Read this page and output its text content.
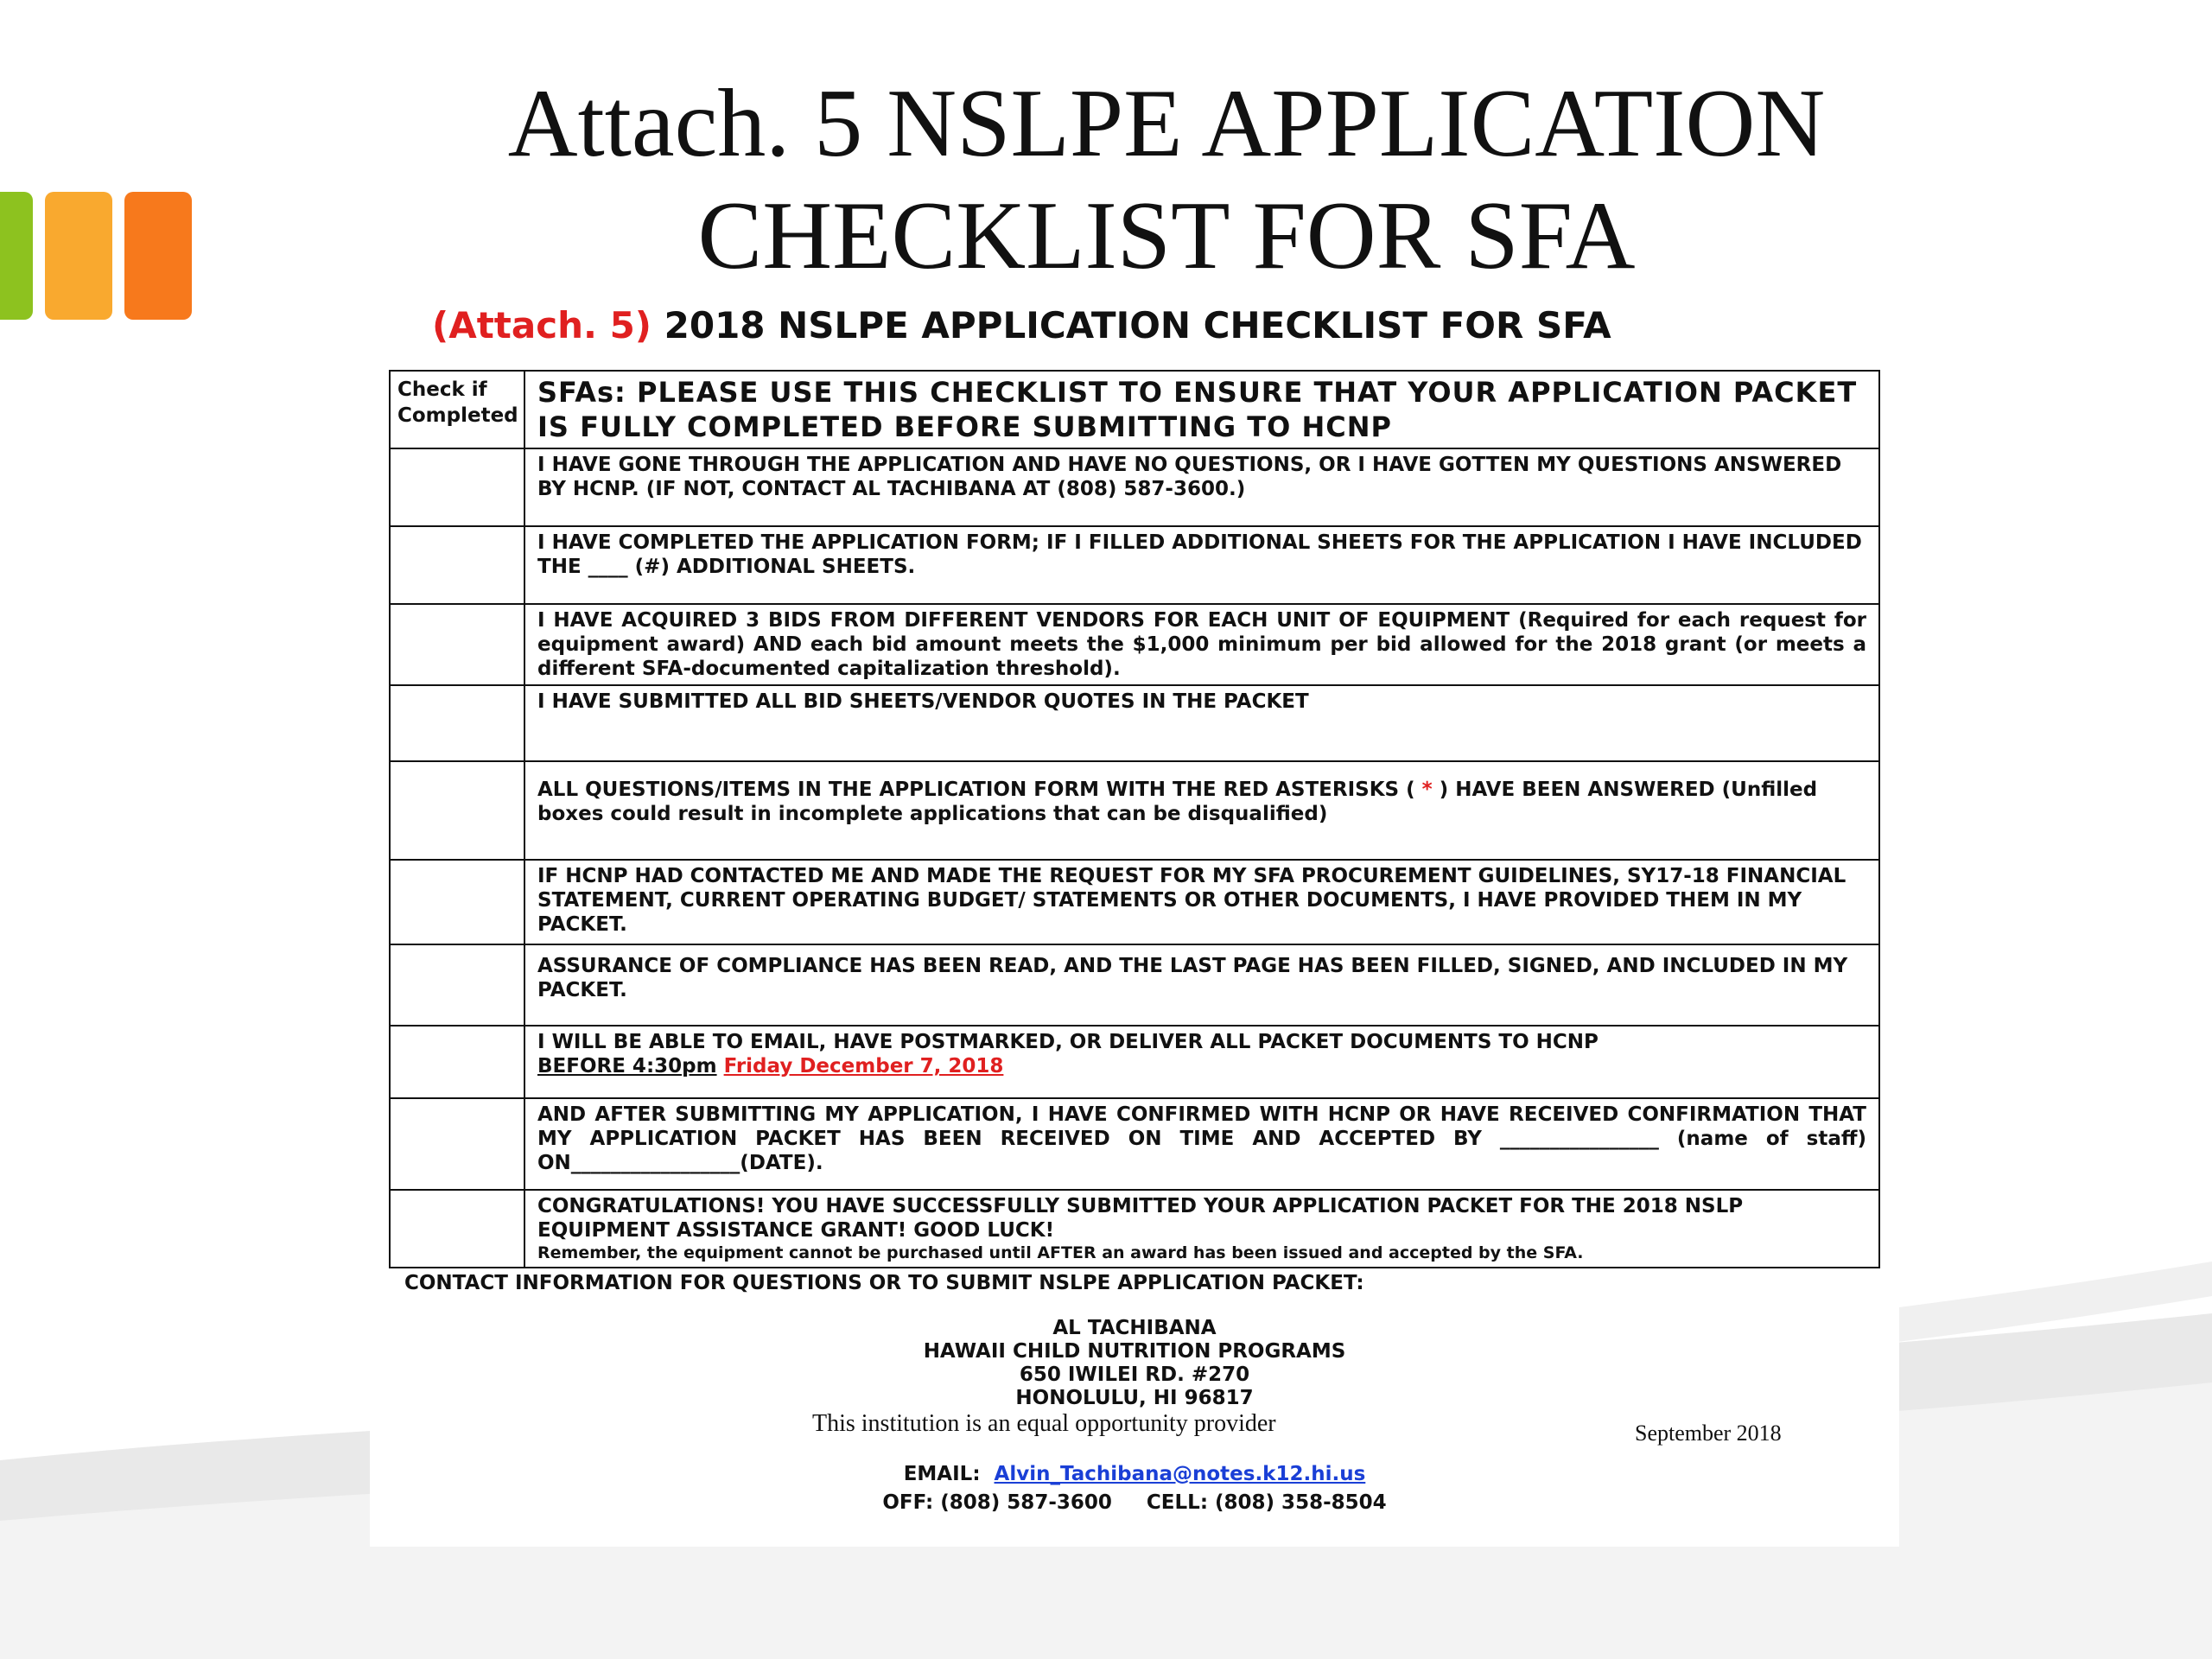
Attach. 5 NSLPE APPLICATION
CHECKLIST FOR SFA
(Attach. 5) 2018 NSLPE APPLICATION CHECKLIST FOR SFA
Check if Completed	SFAs: PLEASE USE THIS CHECKLIST TO ENSURE THAT YOUR APPLICATION PACKET IS FULLY COMPLETED BEFORE SUBMITTING TO HCNP
	I HAVE GONE THROUGH THE APPLICATION AND HAVE NO QUESTIONS, OR I HAVE GOTTEN MY QUESTIONS ANSWERED BY HCNP. (IF NOT, CONTACT AL TACHIBANA AT (808) 587-3600.)
	I HAVE COMPLETED THE APPLICATION FORM; IF I FILLED ADDITIONAL SHEETS FOR THE APPLICATION I HAVE INCLUDED THE ____ (#) ADDITIONAL SHEETS.
	I HAVE ACQUIRED 3 BIDS FROM DIFFERENT VENDORS FOR EACH UNIT OF EQUIPMENT (Required for each request for equipment award) AND each bid amount meets the $1,000 minimum per bid allowed for the 2018 grant (or meets a different SFA-documented capitalization threshold).
	I HAVE SUBMITTED ALL BID SHEETS/VENDOR QUOTES IN THE PACKET
	ALL QUESTIONS/ITEMS IN THE APPLICATION FORM WITH THE RED ASTERISKS ( * ) HAVE BEEN ANSWERED (Unfilled boxes could result in incomplete applications that can be disqualified)
	IF HCNP HAD CONTACTED ME AND MADE THE REQUEST FOR MY SFA PROCUREMENT GUIDELINES, SY17-18 FINANCIAL STATEMENT, CURRENT OPERATING BUDGET/ STATEMENTS OR OTHER DOCUMENTS, I HAVE PROVIDED THEM IN MY PACKET.
	ASSURANCE OF COMPLIANCE HAS BEEN READ, AND THE LAST PAGE HAS BEEN FILLED, SIGNED, AND INCLUDED IN MY PACKET.
	I WILL BE ABLE TO EMAIL, HAVE POSTMARKED, OR DELIVER ALL PACKET DOCUMENTS TO HCNP
BEFORE 4:30pm Friday December 7, 2018
	AND AFTER SUBMITTING MY APPLICATION, I HAVE CONFIRMED WITH HCNP OR HAVE RECEIVED CONFIRMATION THAT MY APPLICATION PACKET HAS BEEN RECEIVED ON TIME AND ACCEPTED BY ________________ (name of staff) ON_________________(DATE).
	CONGRATULATIONS! YOU HAVE SUCCESSFULLY SUBMITTED YOUR APPLICATION PACKET FOR THE 2018 NSLP EQUIPMENT ASSISTANCE GRANT! GOOD LUCK!
Remember, the equipment cannot be purchased until AFTER an award has been issued and accepted by the SFA.
CONTACT INFORMATION FOR QUESTIONS OR TO SUBMIT NSLPE APPLICATION PACKET:
AL TACHIBANA
HAWAII CHILD NUTRITION PROGRAMS
650 IWILEI RD. #270
HONOLULU, HI 96817
EMAIL: Alvin_Tachibana@notes.k12.hi.us
OFF: (808) 587-3600     CELL: (808) 358-8504
This institution is an equal opportunity provider	September 2018
